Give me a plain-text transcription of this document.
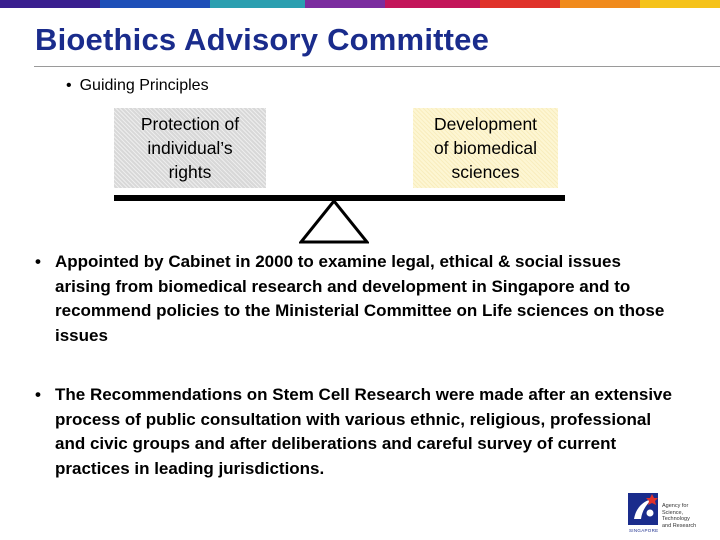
Bioethics Advisory Committee
• Guiding Principles
Protection of
individual’s
rights
Development
of biomedical
sciences
• Appointed by Cabinet in 2000 to examine legal, ethical & social issues arising from biomedical research and development in Singapore and to recommend policies to the Ministerial Committee on Life sciences on those issues
• The Recommendations on Stem Cell Research were made after an extensive process of public consultation with various ethnic, religious, professional and civic groups and after deliberations and careful survey of current practices in leading jurisdictions.
Agency for
Science, Technology
and Research
SINGAPORE
